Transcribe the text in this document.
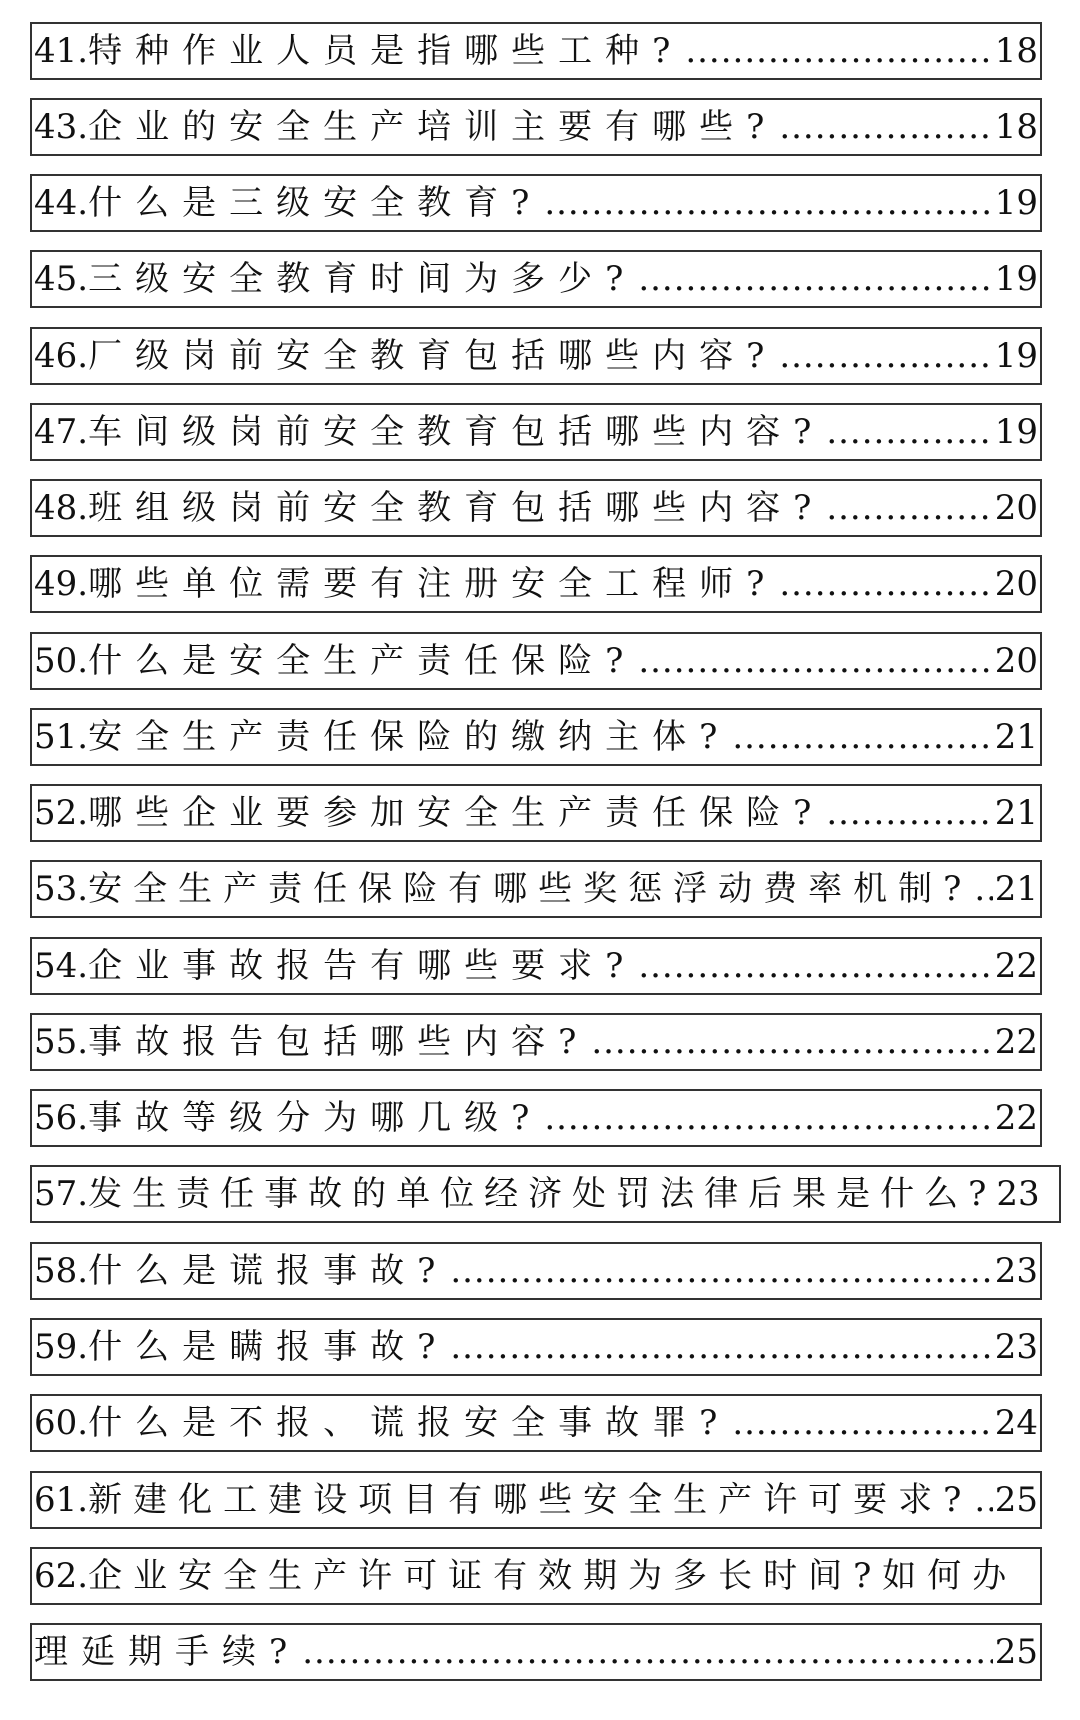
41. 特种作业人员是指哪些工种? .....	18
43. 企业的安全生产培训主要有哪些? .....	18
44. 什么是三级安全教育? .....	19
45. 三级安全教育时间为多少? .....	19
46. 厂级岗前安全教育包括哪些内容? .....	19
47. 车间级岗前安全教育包括哪些内容? .....	19
48. 班组级岗前安全教育包括哪些内容? .....	20
49. 哪些单位需要有注册安全工程师? .....	20
50. 什么是安全生产责任保险? .....	20
51. 安全生产责任保险的缴纳主体? .....	21
52. 哪些企业要参加安全生产责任保险? .....	21
53. 安全生产责任保险有哪些奖惩浮动费率机制? ..... 21
54. 企业事故报告有哪些要求? .....	22
55. 事故报告包括哪些内容? .....	22
56. 事故等级分为哪几级? .....	22
57. 发生责任事故的单位经济处罚法律后果是什么? 23
58. 什么是谎报事故? .....	23
59. 什么是瞒报事故? .....	23
60. 什么是不报、谎报安全事故罪? .....	24
61. 新建化工建设项目有哪些安全生产许可要求? ..... 25
62. 企业安全生产许可证有效期为多长时间?如何办
理延期手续? .....	25
